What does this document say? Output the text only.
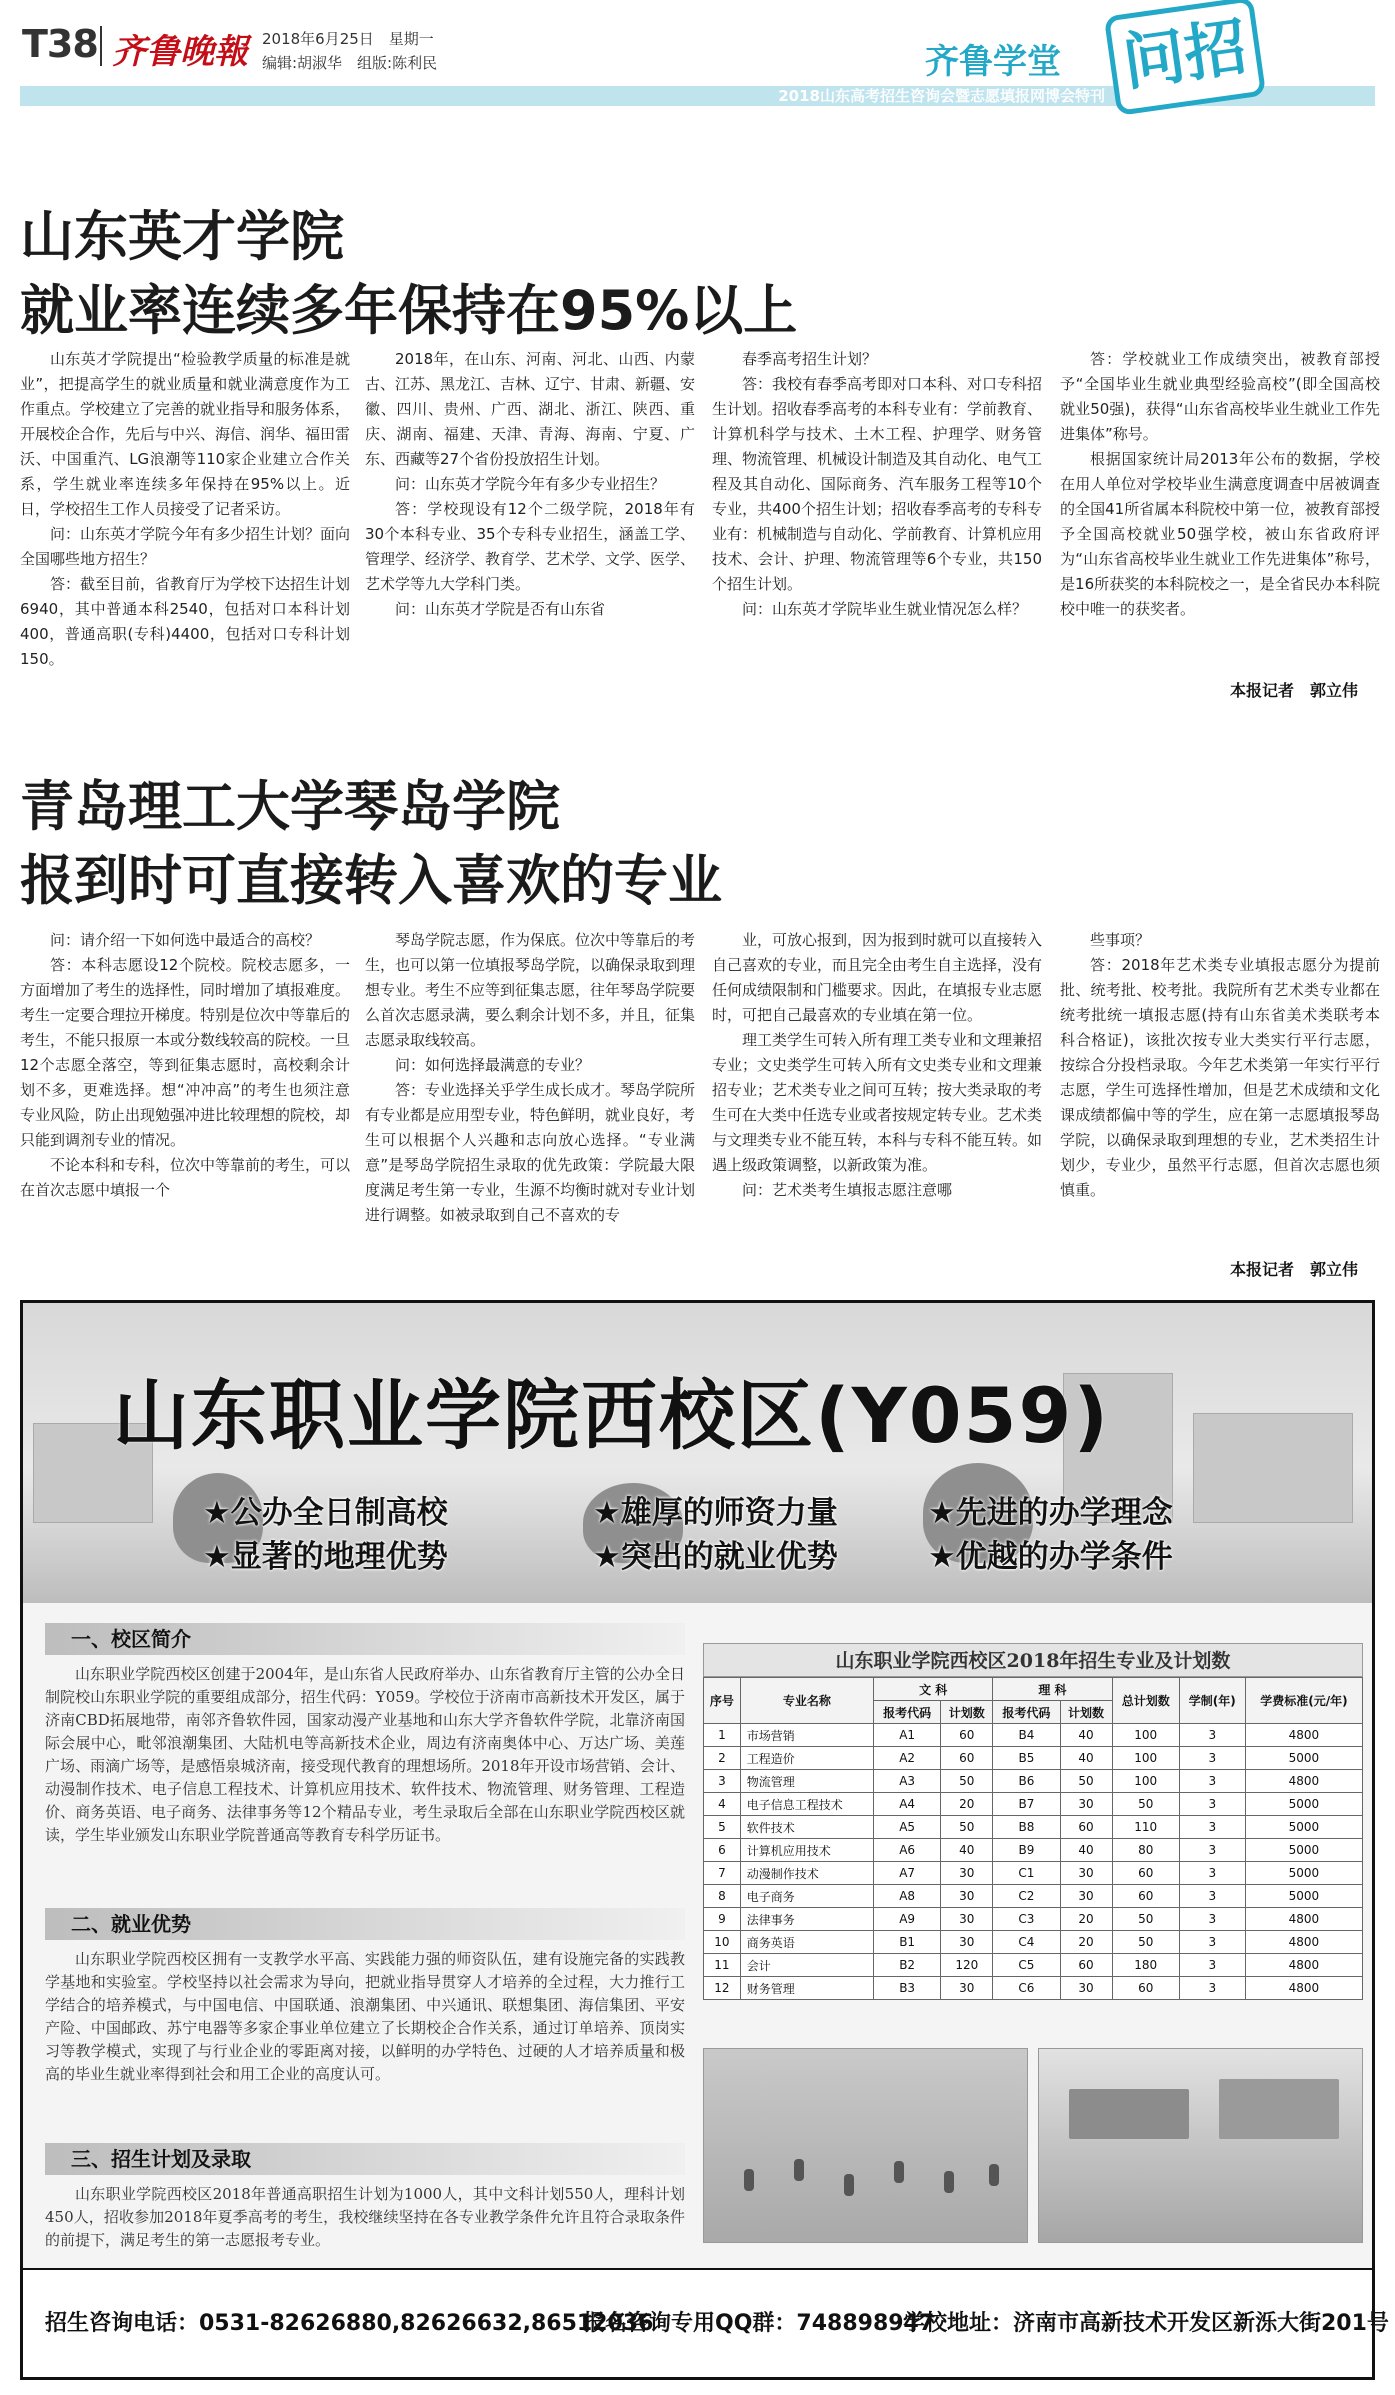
T38 齐鲁晚報 2018年6月25日　星期一
编辑:胡淑华　组版:陈利民	齐鲁学堂
2018山东高考招生咨询会暨志愿填报网博会特刊 问招
山东英才学院
就业率连续多年保持在95%以上

山东英才学院提出“检验教学质量的标准是就业”，把提高学生的就业质量和就业满意度作为工作重点。学校建立了完善的就业指导和服务体系，开展校企合作，先后与中兴、海信、润华、福田雷沃、中国重汽、LG浪潮等110家企业建立合作关系，学生就业率连续多年保持在95%以上。近日，学校招生工作人员接受了记者采访。

问：山东英才学院今年有多少招生计划？面向全国哪些地方招生？

答：截至目前，省教育厅为学校下达招生计划6940，其中普通本科2540，包括对口本科计划400，普通高职(专科)4400，包括对口专科计划150。

2018年，在山东、河南、河北、山西、内蒙古、江苏、黑龙江、吉林、辽宁、甘肃、新疆、安徽、四川、贵州、广西、湖北、浙江、陕西、重庆、湖南、福建、天津、青海、海南、宁夏、广东、西藏等27个省份投放招生计划。

问：山东英才学院今年有多少专业招生？

答：学校现设有12个二级学院，2018年有30个本科专业、35个专科专业招生，涵盖工学、管理学、经济学、教育学、艺术学、文学、医学、艺术学等九大学科门类。

问：山东英才学院是否有山东省

春季高考招生计划？

答：我校有春季高考即对口本科、对口专科招生计划。招收春季高考的本科专业有：学前教育、计算机科学与技术、土木工程、护理学、财务管理、物流管理、机械设计制造及其自动化、电气工程及其自动化、国际商务、汽车服务工程等10个专业，共400个招生计划；招收春季高考的专科专业有：机械制造与自动化、学前教育、计算机应用技术、会计、护理、物流管理等6个专业，共150个招生计划。

问：山东英才学院毕业生就业情况怎么样？

答：学校就业工作成绩突出，被教育部授予“全国毕业生就业典型经验高校”(即全国高校就业50强)，获得“山东省高校毕业生就业工作先进集体”称号。

根据国家统计局2013年公布的数据，学校在用人单位对学校毕业生满意度调查中居被调查的全国41所省属本科院校中第一位，被教育部授予全国高校就业50强学校，被山东省政府评为“山东省高校毕业生就业工作先进集体”称号，是16所获奖的本科院校之一，是全省民办本科院校中唯一的获奖者。

本报记者　郭立伟
青岛理工大学琴岛学院
报到时可直接转入喜欢的专业

问：请介绍一下如何选中最适合的高校？

答：本科志愿设12个院校。院校志愿多，一方面增加了考生的选择性，同时增加了填报难度。考生一定要合理拉开梯度。特别是位次中等靠后的考生，不能只报原一本或分数线较高的院校。一旦12个志愿全落空，等到征集志愿时，高校剩余计划不多，更难选择。想“冲冲高”的考生也须注意专业风险，防止出现勉强冲进比较理想的院校，却只能到调剂专业的情况。

不论本科和专科，位次中等靠前的考生，可以在首次志愿中填报一个

琴岛学院志愿，作为保底。位次中等靠后的考生，也可以第一位填报琴岛学院，以确保录取到理想专业。考生不应等到征集志愿，往年琴岛学院要么首次志愿录满，要么剩余计划不多，并且，征集志愿录取线较高。

问：如何选择最满意的专业？

答：专业选择关乎学生成长成才。琴岛学院所有专业都是应用型专业，特色鲜明，就业良好，考生可以根据个人兴趣和志向放心选择。“专业满意”是琴岛学院招生录取的优先政策：学院最大限度满足考生第一专业，生源不均衡时就对专业计划进行调整。如被录取到自己不喜欢的专

业，可放心报到，因为报到时就可以直接转入自己喜欢的专业，而且完全由考生自主选择，没有任何成绩限制和门槛要求。因此，在填报专业志愿时，可把自己最喜欢的专业填在第一位。

理工类学生可转入所有理工类专业和文理兼招专业；文史类学生可转入所有文史类专业和文理兼招专业；艺术类专业之间可互转；按大类录取的考生可在大类中任选专业或者按规定转专业。艺术类与文理类专业不能互转，本科与专科不能互转。如遇上级政策调整，以新政策为准。

问：艺术类考生填报志愿注意哪

些事项？

答：2018年艺术类专业填报志愿分为提前批、统考批、校考批。我院所有艺术类专业都在统考批统一填报志愿(持有山东省美术类联考本科合格证)，该批次按专业大类实行平行志愿，按综合分投档录取。今年艺术类第一年实行平行志愿，学生可选择性增加，但是艺术成绩和文化课成绩都偏中等的学生，应在第一志愿填报琴岛学院，以确保录取到理想的专业，艺术类招生计划少，专业少，虽然平行志愿，但首次志愿也须慎重。

本报记者　郭立伟
山东职业学院西校区(Y059)
★公办全日制高校	★雄厚的师资力量	★先进的办学理念
★显著的地理优势	★突出的就业优势	★优越的办学条件
一、校区简介
山东职业学院西校区创建于2004年，是山东省人民政府举办、山东省教育厅主管的公办全日制院校山东职业学院的重要组成部分，招生代码：Y059。学校位于济南市高新技术开发区，属于济南CBD拓展地带，南邻齐鲁软件园，国家动漫产业基地和山东大学齐鲁软件学院，北靠济南国际会展中心，毗邻浪潮集团、大陆机电等高新技术企业，周边有济南奥体中心、万达广场、美莲广场、雨滴广场等，是感悟泉城济南，接受现代教育的理想场所。2018年开设市场营销、会计、动漫制作技术、电子信息工程技术、计算机应用技术、软件技术、物流管理、财务管理、工程造价、商务英语、电子商务、法律事务等12个精品专业，考生录取后全部在山东职业学院西校区就读，学生毕业颁发山东职业学院普通高等教育专科学历证书。
二、就业优势
山东职业学院西校区拥有一支教学水平高、实践能力强的师资队伍，建有设施完备的实践教学基地和实验室。学校坚持以社会需求为导向，把就业指导贯穿人才培养的全过程，大力推行工学结合的培养模式，与中国电信、中国联通、浪潮集团、中兴通讯、联想集团、海信集团、平安产险、中国邮政、苏宁电器等多家企事业单位建立了长期校企合作关系，通过订单培养、顶岗实习等教学模式，实现了与行业企业的零距离对接，以鲜明的办学特色、过硬的人才培养质量和极高的毕业生就业率得到社会和用工企业的高度认可。
三、招生计划及录取
山东职业学院西校区2018年普通高职招生计划为1000人，其中文科计划550人，理科计划450人，招收参加2018年夏季高考的考生，我校继续坚持在各专业教学条件允许且符合录取条件的前提下，满足考生的第一志愿报考专业。
山东职业学院西校区2018年招生专业及计划数
序号	专业名称	文 科		理 科		总计划数	学制(年)	学费标准(元/年)
		报考代码	计划数	报考代码	计划数			
1	市场营销	A1	60	B4	40	100	3	4800
2	工程造价	A2	60	B5	40	100	3	5000
3	物流管理	A3	50	B6	50	100	3	4800
4	电子信息工程技术	A4	20	B7	30	50	3	5000
5	软件技术	A5	50	B8	60	110	3	5000
6	计算机应用技术	A6	40	B9	40	80	3	5000
7	动漫制作技术	A7	30	C1	30	60	3	5000
8	电子商务	A8	30	C2	30	60	3	5000
9	法律事务	A9	30	C3	20	50	3	4800
10	商务英语	B1	30	C4	20	50	3	4800
11	会计	B2	120	C5	60	180	3	4800
12	财务管理	B3	30	C6	30	60	3	4800
招生咨询电话：0531-82626880,82626632,86512036
报名咨询专用QQ群：748898947
学校地址：济南市高新技术开发区新泺大街201号
